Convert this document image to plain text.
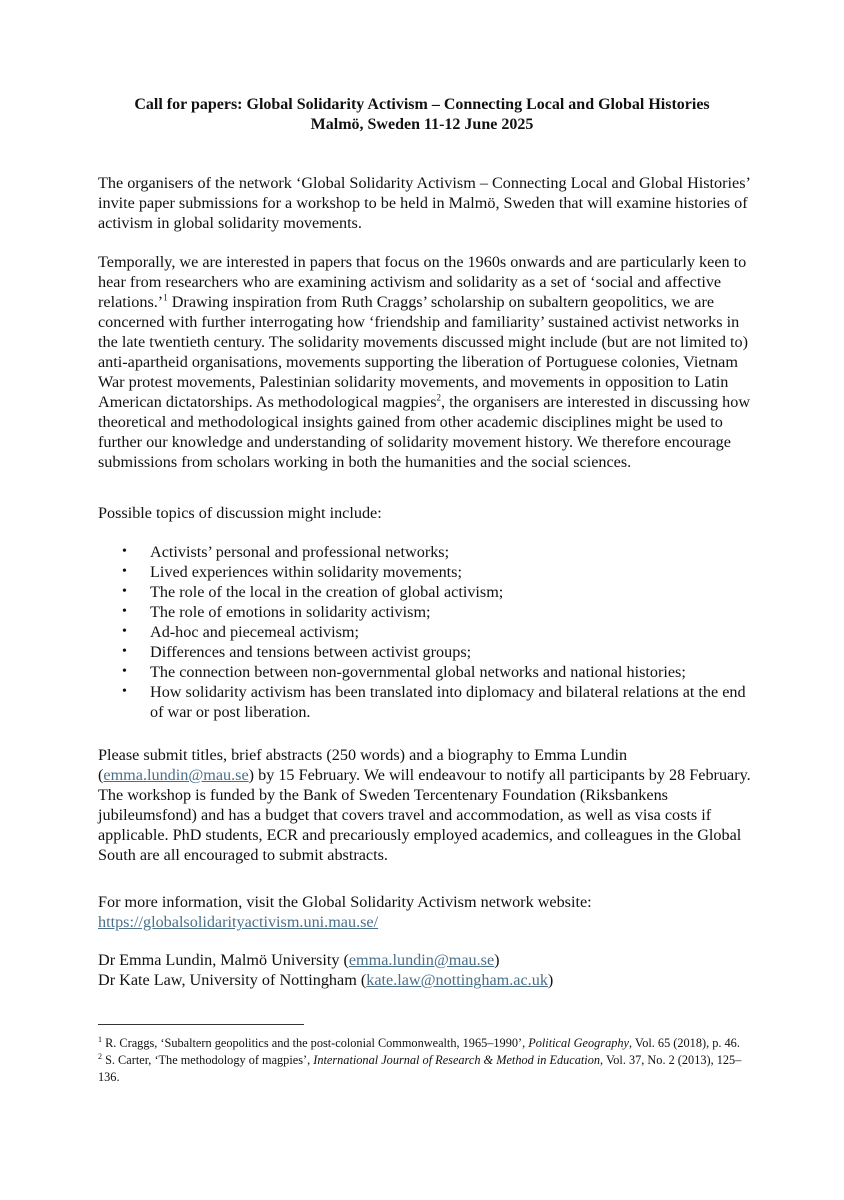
Call for papers: Global Solidarity Activism – Connecting Local and Global Histories
Malmö, Sweden 11-12 June 2025

The organisers of the network ‘Global Solidarity Activism – Connecting Local and Global Histories’ invite paper submissions for a workshop to be held in Malmö, Sweden that will examine histories of activism in global solidarity movements.

Temporally, we are interested in papers that focus on the 1960s onwards and are particularly keen to hear from researchers who are examining activism and solidarity as a set of ‘social and affective relations.’$^1$ Drawing inspiration from Ruth Craggs’ scholarship on subaltern geopolitics, we are concerned with further interrogating how ‘friendship and familiarity’ sustained activist networks in the late twentieth century. The solidarity movements discussed might include (but are not limited to) anti-apartheid organisations, movements supporting the liberation of Portuguese colonies, Vietnam War protest movements, Palestinian solidarity movements, and movements in opposition to Latin American dictatorships. As methodological magpies$^2$, the organisers are interested in discussing how theoretical and methodological insights gained from other academic disciplines might be used to further our knowledge and understanding of solidarity movement history. We therefore encourage submissions from scholars working in both the humanities and the social sciences.

Possible topics of discussion might include:

• Activists’ personal and professional networks;
• Lived experiences within solidarity movements;
• The role of the local in the creation of global activism;
• The role of emotions in solidarity activism;
• Ad-hoc and piecemeal activism;
• Differences and tensions between activist groups;
• The connection between non-governmental global networks and national histories;
• How solidarity activism has been translated into diplomacy and bilateral relations at the end of war or post liberation.

Please submit titles, brief abstracts (250 words) and a biography to Emma Lundin (emma.lundin@mau.se) by 15 February. We will endeavour to notify all participants by 28 February. The workshop is funded by the Bank of Sweden Tercentenary Foundation (Riksbankens jubileumsfond) and has a budget that covers travel and accommodation, as well as visa costs if applicable. PhD students, ECR and precariously employed academics, and colleagues in the Global South are all encouraged to submit abstracts.

For more information, visit the Global Solidarity Activism network website:

https://globalsolidarityactivism.uni.mau.se/

Dr Emma Lundin, Malmö University (emma.lundin@mau.se)

Dr Kate Law, University of Nottingham (kate.law@nottingham.ac.uk)

$^1$ R. Craggs, ‘Subaltern geopolitics and the post-colonial Commonwealth, 1965–1990’, Political Geography, Vol. 65 (2018), p. 46.

$^2$ S. Carter, ‘The methodology of magpies’, International Journal of Research & Method in Education, Vol. 37, No. 2 (2013), 125–136.
